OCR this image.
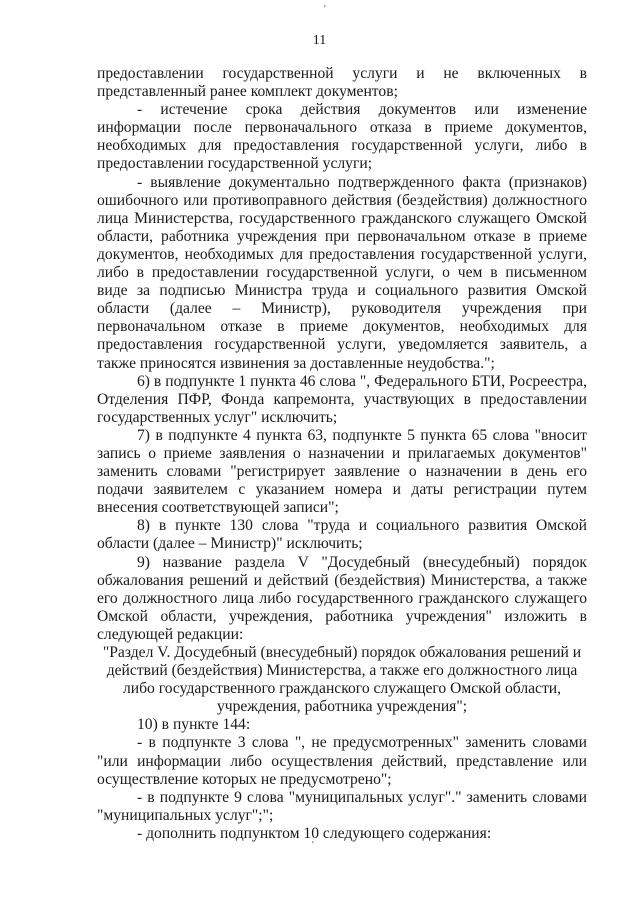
'
11

предоставлении государственной услуги и не включенных в представленный ранее комплект документов;

- истечение срока действия документов или изменение информации после первоначального отказа в приеме документов, необходимых для предоставления государственной услуги, либо в предоставлении государственной услуги;

- выявление документально подтвержденного факта (признаков) ошибочного или противоправного действия (бездействия) должностного лица Министерства, государственного гражданского служащего Омской области, работника учреждения при первоначальном отказе в приеме документов, необходимых для предоставления государственной услуги, либо в предоставлении государственной услуги, о чем в письменном виде за подписью Министра труда и социального развития Омской области (далее – Министр), руководителя учреждения при первоначальном отказе в приеме документов, необходимых для предоставления государственной услуги, уведомляется заявитель, а также приносятся извинения за доставленные неудобства.";

6) в подпункте 1 пункта 46 слова ", Федерального БТИ, Росреестра, Отделения ПФР, Фонда капремонта, участвующих в предоставлении государственных услуг" исключить;

7) в подпункте 4 пункта 63, подпункте 5 пункта 65 слова "вносит запись о приеме заявления о назначении и прилагаемых документов" заменить словами "регистрирует заявление о назначении в день его подачи заявителем с указанием номера и даты регистрации путем внесения соответствующей записи";

8) в пункте 130 слова "труда и социального развития Омской области (далее – Министр)" исключить;

9) название раздела V "Досудебный (внесудебный) порядок обжалования решений и действий (бездействия) Министерства, а также его должностного лица либо государственного гражданского служащего Омской области, учреждения, работника учреждения" изложить в следующей редакции:

"Раздел V. Досудебный (внесудебный) порядок обжалования решений и действий (бездействия) Министерства, а также его должностного лица либо государственного гражданского служащего Омской области, учреждения, работника учреждения";

10) в пункте 144:

- в подпункте 3 слова ", не предусмотренных" заменить словами "или информации либо осуществления действий, представление или осуществление которых не предусмотрено";

- в подпункте 9 слова "муниципальных услуг"." заменить словами "муниципальных услуг";";

- дополнить подпунктом 10 следующего содержания:

'
